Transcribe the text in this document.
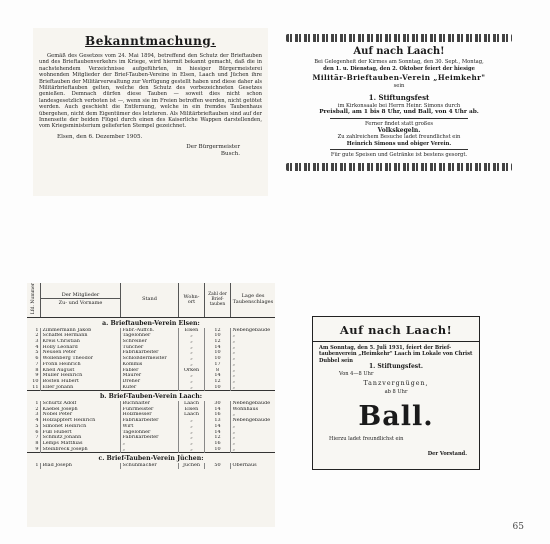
Bekanntmachung.
Gemäß des Gesetzes vom 24. Mai 1894, betreffend den Schutz der Brieftauben und des Brieftaubenverkehrs im Kriege, wird hiermit bekannt gemacht, daß die in nachstehendem Verzeichnisse aufgeführten, in hiesiger Bürgermeisterei wohnenden Mitglieder der Brief-Tauben-Vereine in Elsen, Laach und Jüchen ihre Brieftauben der Militärverwaltung zur Verfügung gestellt haben und diese daher als Militärbrieftauben gelten, welche den Schutz des vorbezeichneten Gesetzes genießen. Demnach dürfen diese Tauben — soweit dies nicht schon landesgesetzlich verboten ist —, wenn sie im Freien betroffen werden, nicht getötet werden. Auch geschieht die Entfernung, welche in ein fremdes Taubenhaus übergehen, nicht dem Eigentümer des letzteren. Als Militärbrieftauben sind auf der Innenseite der beiden Flügel durch einen des Kaiserliche Wappen darstellenden, vom Kriegsministerium gelieferten Stempel gezeichnet.
Elsen, den 6. Dezember 1905.
Der Bürgermeister
Busch.
Auf nach Laach!
Bei Gelegenheit der Kirmes am Sonntag, den 30. Sept., Montag,
den 1. u. Dienstag, den 2. Oktober feiert der hiesige
Militär-Brieftauben-Verein „Heimkehr"
sein
1. Stiftungsfest
im Kirkonsaale bei Herrn Heinr. Simons durch
Preisball, am 1 bis 8 Uhr, und Ball, von 4 Uhr ab.
Ferner findet statt großes
Volkskegeln.
Zu zahlreichem Besuche ladet freundlichst ein
Heinrich Simons und obiger Verein.
Für gute Speisen und Getränke ist bestens gesorgt.
Lfd. Nummer	Der Mitglieder
Zu- und Vorname	Stand	Wohn-ort	Zahl der Brief-tauben	Lage des Taubenschlages
a. Brieftauben-Verein Elsen:					
1	Zimmermann Jakob	Fabr.-Auffch.	Elsen	12	Nebengebäude
2	Schäffel Hermann	Tagelöhner	„	10	„
3	Kreis Christian	Schreiner	„	12	„
4	Holly Leonard	Tüncher	„	14	„
5	Neusen Peter	Fabrikarbeiter	„	10	„
6	Wollenberg Theodor	Schloßdermeister	„	10	„
7	Frohn Heinrich	Kommis	„	17	„
8	Knell August	Fabler	Orken	8	„
9	Müller Heinrich	Maurer	„	14	„
10	Bosten Hubert	Dreher	„	12	„
11	Eller Johann	Küfer	„	10	„
b. Brief-Tauben-Verein Laach:					
1	Schurtz Adolf	Buchhalter	Laach	30	Nebengebäude
2	Kaebel Joseph	Fuhrmeister	Elsen	14	Wohnhaus
3	Nobel Peter	Holzmesser	Laach	16	„
4	Holzappfert Heinrich	Fabrikarbeiter	„	13	Nebengebäude
5	Simonet Heinrich	Wirt	„	14	„
6	Fuß Hubert	Tagelöhner	„	14	„
7	Schmitz Johann	Fabrikarbeiter	„	12	„
8	Lemps Matthias	„	„	16	„
9	Steinbreck Joseph	„	„	10	„
c. Brief-Tauben-Verein Jüchen:					
1	Blad Joseph	Schuhmacher	Jüchen	50	Oberhaus
Auf nach Laach!
Am Sonntag, den 5. Juli 1931, feiert der Brief-
taubenverein „Heimkehr" Laach im Lokale von Christ
Dubbel sein
1. Stiftungsfest.
Von 4—8 Uhr
Tanzvergnügen,
ab 8 Uhr
Ball.
Hierzu ladet freundlichst ein
Der Vorstand.
65
